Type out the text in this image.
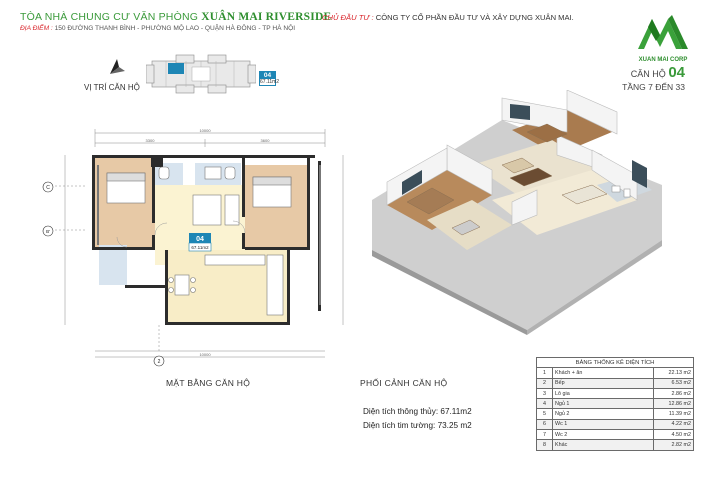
TÒA NHÀ CHUNG CƯ VĂN PHÒNG XUÂN MAI RIVERSIDE
ĐỊA ĐIỂM : 150 ĐƯỜNG THANH BÌNH - PHƯỜNG MỘ LAO - QUẬN HÀ ĐÔNG - TP HÀ NỘI
CHỦ ĐẦU TƯ : CÔNG TY CỔ PHẦN ĐẦU TƯ VÀ XÂY DỰNG XUÂN MAI.
XUAN MAI CORP
CĂN HỘ 04
TẦNG 7 ĐẾN 33
VỊ TRÍ CĂN HỘ
04
67.11m2
10000
3300	3600
10000
04
67.11m2
2
C
B'
MẶT BẰNG CĂN HỘ	PHỐI CẢNH CĂN HỘ
Diện tích thông thủy: 67.11m2
Diện tích tim tường: 73.25 m2
BẢNG THỐNG KÊ DIỆN TÍCH		
1	Khách + ăn	22.13 m2
2	Bếp	6.53 m2
3	Lô gia	2.86 m2
4	Ngủ 1	12.86 m2
5	Ngủ 2	11.39 m2
6	Wc 1	4.22 m2
7	Wc 2	4.50 m2
8	Khác	2.82 m2
